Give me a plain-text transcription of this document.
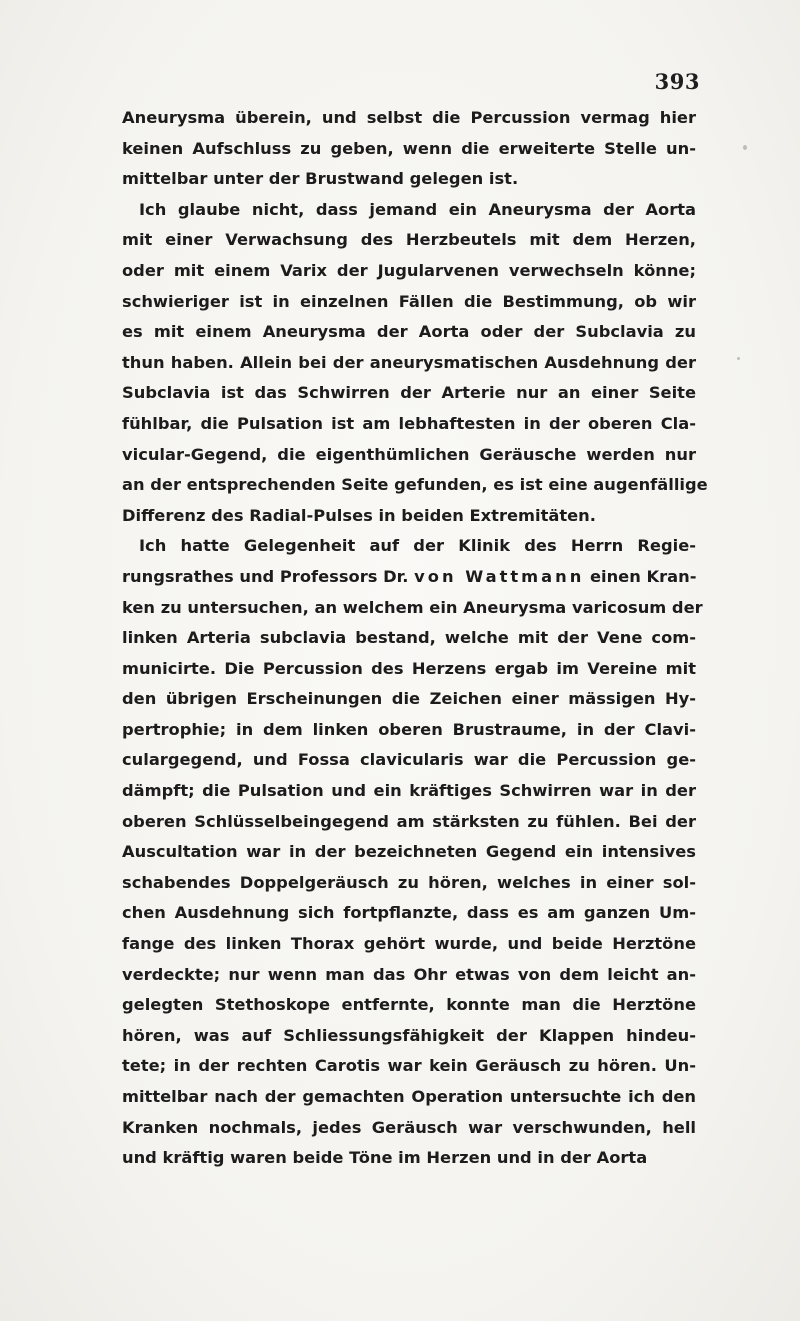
393
Aneurysma überein, und selbst die Percussion vermag hier
keinen Aufschluss zu geben, wenn die erweiterte Stelle un-
mittelbar unter der Brustwand gelegen ist.
Ich glaube nicht, dass jemand ein Aneurysma der Aorta
mit einer Verwachsung des Herzbeutels mit dem Herzen,
oder mit einem Varix der Jugularvenen verwechseln könne;
schwieriger ist in einzelnen Fällen die Bestimmung, ob wir
es mit einem Aneurysma der Aorta oder der Subclavia zu
thun haben. Allein bei der aneurysmatischen Ausdehnung der
Subclavia ist das Schwirren der Arterie nur an einer Seite
fühlbar, die Pulsation ist am lebhaftesten in der oberen Cla-
vicular-Gegend, die eigenthümlichen Geräusche werden nur
an der entsprechenden Seite gefunden, es ist eine augenfällige
Differenz des Radial-Pulses in beiden Extremitäten.
Ich hatte Gelegenheit auf der Klinik des Herrn Regie-
rungsrathes und Professors Dr. von Wattmann einen Kran-
ken zu untersuchen, an welchem ein Aneurysma varicosum der
linken Arteria subclavia bestand, welche mit der Vene com-
municirte. Die Percussion des Herzens ergab im Vereine mit
den übrigen Erscheinungen die Zeichen einer mässigen Hy-
pertrophie; in dem linken oberen Brustraume, in der Clavi-
culargegend, und Fossa clavicularis war die Percussion ge-
dämpft; die Pulsation und ein kräftiges Schwirren war in der
oberen Schlüsselbeingegend am stärksten zu fühlen. Bei der
Auscultation war in der bezeichneten Gegend ein intensives
schabendes Doppelgeräusch zu hören, welches in einer sol-
chen Ausdehnung sich fortpflanzte, dass es am ganzen Um-
fange des linken Thorax gehört wurde, und beide Herztöne
verdeckte; nur wenn man das Ohr etwas von dem leicht an-
gelegten Stethoskope entfernte, konnte man die Herztöne
hören, was auf Schliessungsfähigkeit der Klappen hindeu-
tete; in der rechten Carotis war kein Geräusch zu hören. Un-
mittelbar nach der gemachten Operation untersuchte ich den
Kranken nochmals, jedes Geräusch war verschwunden, hell
und kräftig waren beide Töne im Herzen und in der Aorta
